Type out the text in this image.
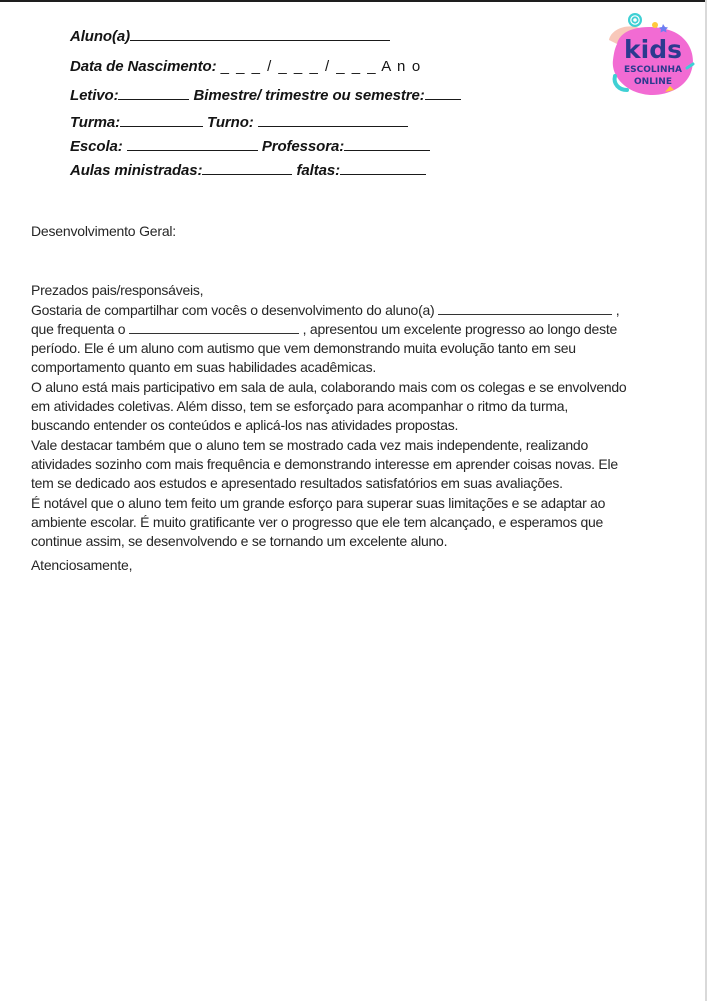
Aluno(a)
Data de Nascimento: _ _ _ / _ _ _ / _ _ _ A n o
Letivo:	Bimestre/ trimestre ou semestre:
Turma:	Turno:
Escola:	Professora:
Aulas ministradas:	faltas:
kids
ESCOLINHA
ONLINE
Desenvolvimento Geral:
Prezados pais/responsáveis,
Gostaria de compartilhar com vocês o desenvolvimento do aluno(a)	,
que frequenta o	, apresentou um excelente progresso ao longo deste
período. Ele é um aluno com autismo que vem demonstrando muita evolução tanto em seu
comportamento quanto em suas habilidades acadêmicas.
O aluno está mais participativo em sala de aula, colaborando mais com os colegas e se envolvendo
em atividades coletivas. Além disso, tem se esforçado para acompanhar o ritmo da turma,
buscando entender os conteúdos e aplicá-los nas atividades propostas.
Vale destacar também que o aluno tem se mostrado cada vez mais independente, realizando
atividades sozinho com mais frequência e demonstrando interesse em aprender coisas novas. Ele
tem se dedicado aos estudos e apresentado resultados satisfatórios em suas avaliações.
É notável que o aluno tem feito um grande esforço para superar suas limitações e se adaptar ao
ambiente escolar. É muito gratificante ver o progresso que ele tem alcançado, e esperamos que
continue assim, se desenvolvendo e se tornando um excelente aluno.
Atenciosamente,
